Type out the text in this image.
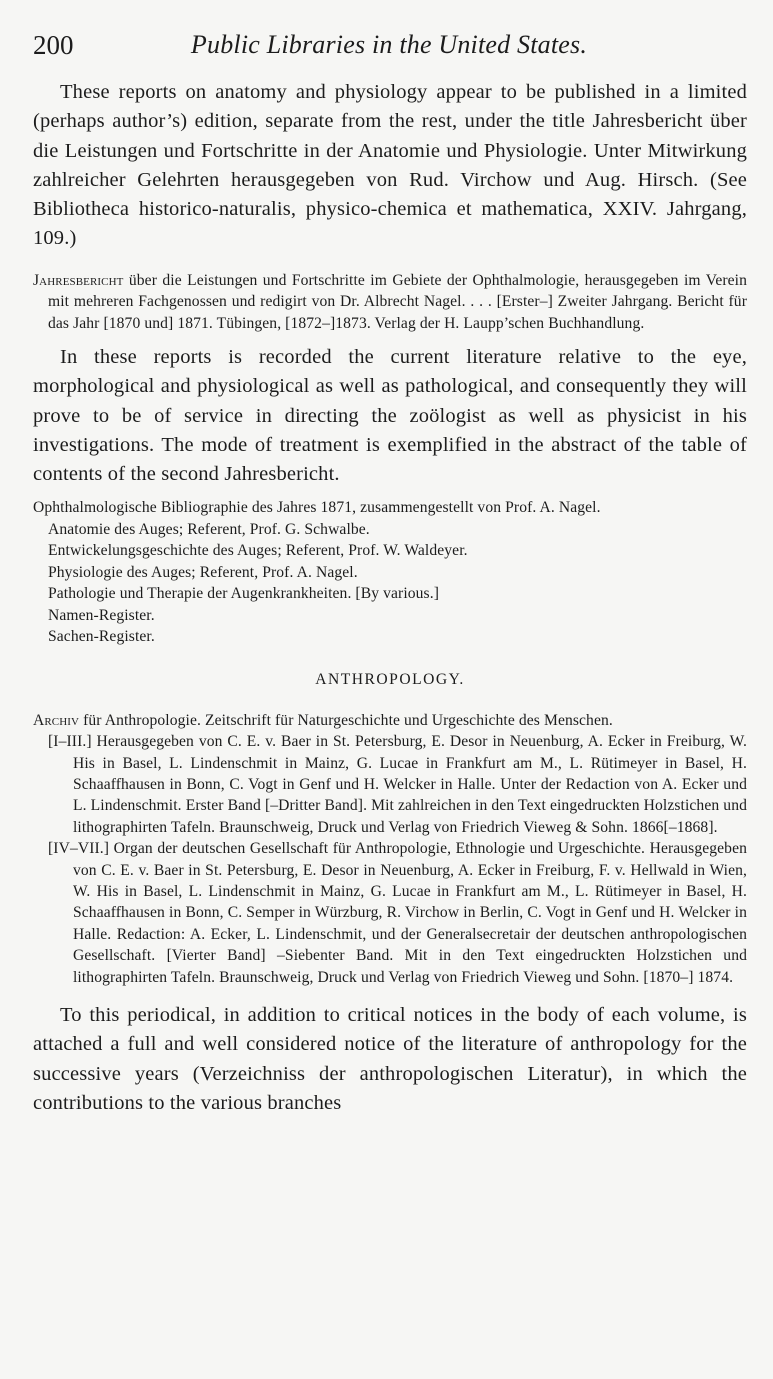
200	Public Libraries in the United States.

These reports on anatomy and physiology appear to be published in a limited (perhaps author’s) edition, separate from the rest, under the title Jahresbericht über die Leistungen und Fortschritte in der Anatomie und Physiologie. Unter Mitwirkung zahlreicher Gelehrten herausgegeben von Rud. Virchow und Aug. Hirsch. (See Bibliotheca historico-naturalis, physico-chemica et mathematica, XXIV. Jahrgang, 109.)

Jahresbericht über die Leistungen und Fortschritte im Gebiete der Ophthalmologie, herausgegeben im Verein mit mehreren Fachgenossen und redigirt von Dr. Albrecht Nagel. . . . [Erster–] Zweiter Jahrgang. Bericht für das Jahr [1870 und] 1871. Tübingen, [1872–]1873. Verlag der H. Laupp’schen Buchhandlung.

In these reports is recorded the current literature relative to the eye, morphological and physiological as well as pathological, and consequently they will prove to be of service in directing the zoölogist as well as physicist in his investigations. The mode of treatment is exemplified in the abstract of the table of contents of the second Jahresbericht.

Ophthalmologische Bibliographie des Jahres 1871, zusammengestellt von Prof. A. Nagel.

Anatomie des Auges; Referent, Prof. G. Schwalbe.

Entwickelungsgeschichte des Auges; Referent, Prof. W. Waldeyer.

Physiologie des Auges; Referent, Prof. A. Nagel.

Pathologie und Therapie der Augenkrankheiten. [By various.]

Namen-Register.

Sachen-Register.

ANTHROPOLOGY.

Archiv für Anthropologie. Zeitschrift für Naturgeschichte und Urgeschichte des Menschen.

[I–III.] Herausgegeben von C. E. v. Baer in St. Petersburg, E. Desor in Neuenburg, A. Ecker in Freiburg, W. His in Basel, L. Lindenschmit in Mainz, G. Lucae in Frankfurt am M., L. Rütimeyer in Basel, H. Schaaffhausen in Bonn, C. Vogt in Genf und H. Welcker in Halle. Unter der Redaction von A. Ecker und L. Lindenschmit. Erster Band [–Dritter Band]. Mit zahlreichen in den Text eingedruckten Holzstichen und lithographirten Tafeln. Braunschweig, Druck und Verlag von Friedrich Vieweg & Sohn. 1866[–1868].

[IV–VII.] Organ der deutschen Gesellschaft für Anthropologie, Ethnologie und Urgeschichte. Herausgegeben von C. E. v. Baer in St. Petersburg, E. Desor in Neuenburg, A. Ecker in Freiburg, F. v. Hellwald in Wien, W. His in Basel, L. Lindenschmit in Mainz, G. Lucae in Frankfurt am M., L. Rütimeyer in Basel, H. Schaaffhausen in Bonn, C. Semper in Würzburg, R. Virchow in Berlin, C. Vogt in Genf und H. Welcker in Halle. Redaction: A. Ecker, L. Lindenschmit, und der Generalsecretair der deutschen anthropologischen Gesellschaft. [Vierter Band] –Siebenter Band. Mit in den Text eingedruckten Holzstichen und lithographirten Tafeln. Braunschweig, Druck und Verlag von Friedrich Vieweg und Sohn. [1870–] 1874.

To this periodical, in addition to critical notices in the body of each volume, is attached a full and well considered notice of the literature of anthropology for the successive years (Verzeichniss der anthropologischen Literatur), in which the contributions to the various branches
